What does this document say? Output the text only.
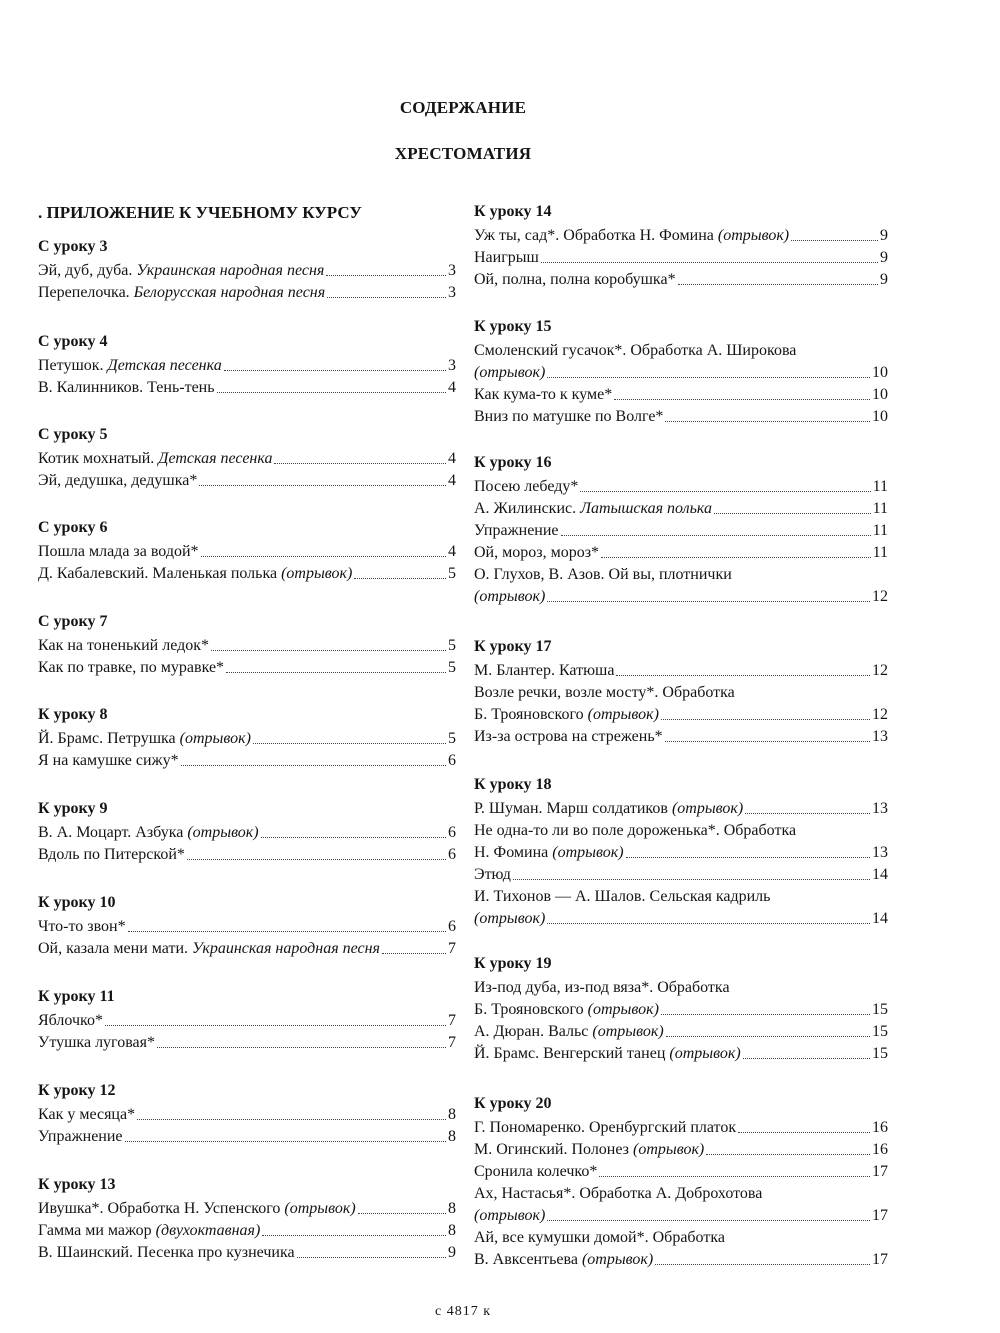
СОДЕРЖАНИЕ
ХРЕСТОМАТИЯ
. ПРИЛОЖЕНИЕ К УЧЕБНОМУ КУРСУ
С уроку 3
Эй, дуб, дуба. Украинская народная песня	3
Перепелочка. Белорусская народная песня	3
С уроку 4
Петушок. Детская песенка	3
В. Калинников. Тень-тень	4
С уроку 5
Котик мохнатый. Детская песенка	4
Эй, дедушка, дедушка*	4
С уроку 6
Пошла млада за водой*	4
Д. Кабалевский. Маленькая полька (отрывок)	5
С уроку 7
Как на тоненький ледок*	5
Как по травке, по муравке*	5
К уроку 8
Й. Брамс. Петрушка (отрывок)	5
Я на камушке сижу*	6
К уроку 9
В. А. Моцарт. Азбука (отрывок)	6
Вдоль по Питерской*	6
К уроку 10
Что-то звон*	6
Ой, казала мени мати. Украинская народная песня	7
К уроку 11
Яблочко*	7
Утушка луговая*	7
К уроку 12
Как у месяца*	8
Упражнение	8
К уроку 13
Ивушка*. Обработка Н. Успенского (отрывок)	8
Гамма ми мажор (двухоктавная)	8
В. Шаинский. Песенка про кузнечика	9
К уроку 14
Уж ты, сад*. Обработка Н. Фомина (отрывок)	9
Наигрыш	9
Ой, полна, полна коробушка*	9
К уроку 15
Смоленский гусачок*. Обработка А. Широкова
(отрывок)	10
Как кума-то к куме*	10
Вниз по матушке по Волге*	10
К уроку 16
Посею лебеду*	11
А. Жилинскис. Латышская полька	11
Упражнение	11
Ой, мороз, мороз*	11
О. Глухов, В. Азов. Ой вы, плотнички
(отрывок)	12
К уроку 17
М. Блантер. Катюша	12
Возле речки, возле мосту*. Обработка
Б. Трояновского (отрывок)	12
Из-за острова на стрежень*	13
К уроку 18
Р. Шуман. Марш солдатиков (отрывок)	13
Не одна-то ли во поле дороженька*. Обработка
Н. Фомина (отрывок)	13
Этюд	14
И. Тихонов — А. Шалов. Сельская кадриль
(отрывок)	14
К уроку 19
Из-под дуба, из-под вяза*. Обработка
Б. Трояновского (отрывок)	15
А. Дюран. Вальс (отрывок)	15
Й. Брамс. Венгерский танец (отрывок)	15
К уроку 20
Г. Пономаренко. Оренбургский платок	16
М. Огинский. Полонез (отрывок)	16
Сронила колечко*	17
Ах, Настасья*. Обработка А. Доброхотова
(отрывок)	17
Ай, все кумушки домой*. Обработка
В. Авксентьева (отрывок)	17
с 4817 к
